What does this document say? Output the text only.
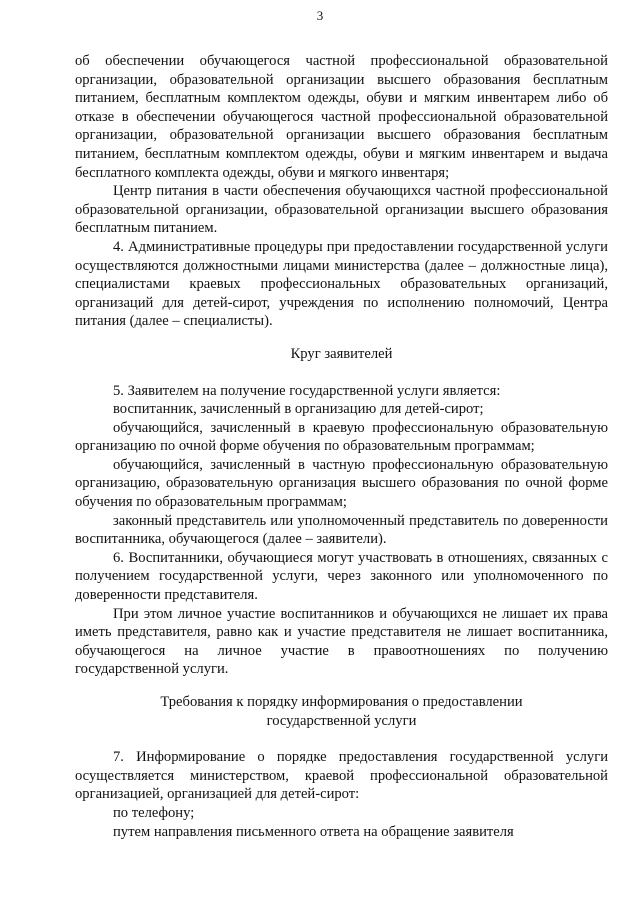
3

об обеспечении обучающегося частной профессиональной образовательной организации, образовательной организации высшего образования бесплатным питанием, бесплатным комплектом одежды, обуви и мягким инвентарем либо об отказе в обеспечении обучающегося частной профессиональной образовательной организации, образовательной организации высшего образования бесплатным питанием, бесплатным комплектом одежды, обуви и мягким инвентарем и выдача бесплатного комплекта одежды, обуви и мягкого инвентаря;

Центр питания в части обеспечения обучающихся частной профессиональной образовательной организации, образовательной организации высшего образования бесплатным питанием.

4. Административные процедуры при предоставлении государственной услуги осуществляются должностными лицами министерства (далее – должностные лица), специалистами краевых профессиональных образовательных организаций, организаций для детей-сирот, учреждения по исполнению полномочий, Центра питания (далее – специалисты).

Круг заявителей

5. Заявителем на получение государственной услуги является:

воспитанник, зачисленный в организацию для детей-сирот;

обучающийся, зачисленный в краевую профессиональную образовательную организацию по очной форме обучения по образовательным программам;

обучающийся, зачисленный в частную профессиональную образовательную организацию, образовательную организация высшего образования по очной форме обучения по образовательным программам;

законный представитель или уполномоченный представитель по доверенности воспитанника, обучающегося (далее – заявители).

6. Воспитанники, обучающиеся могут участвовать в отношениях, связанных с получением государственной услуги, через законного или уполномоченного по доверенности представителя.

При этом личное участие воспитанников и обучающихся не лишает их права иметь представителя, равно как и участие представителя не лишает воспитанника, обучающегося на личное участие в правоотношениях по получению государственной услуги.

Требования к порядку информирования о предоставлении

государственной услуги

7. Информирование о порядке предоставления государственной услуги осуществляется министерством, краевой профессиональной образовательной организацией, организацией для детей-сирот:

по телефону;

путем направления письменного ответа на обращение заявителя
